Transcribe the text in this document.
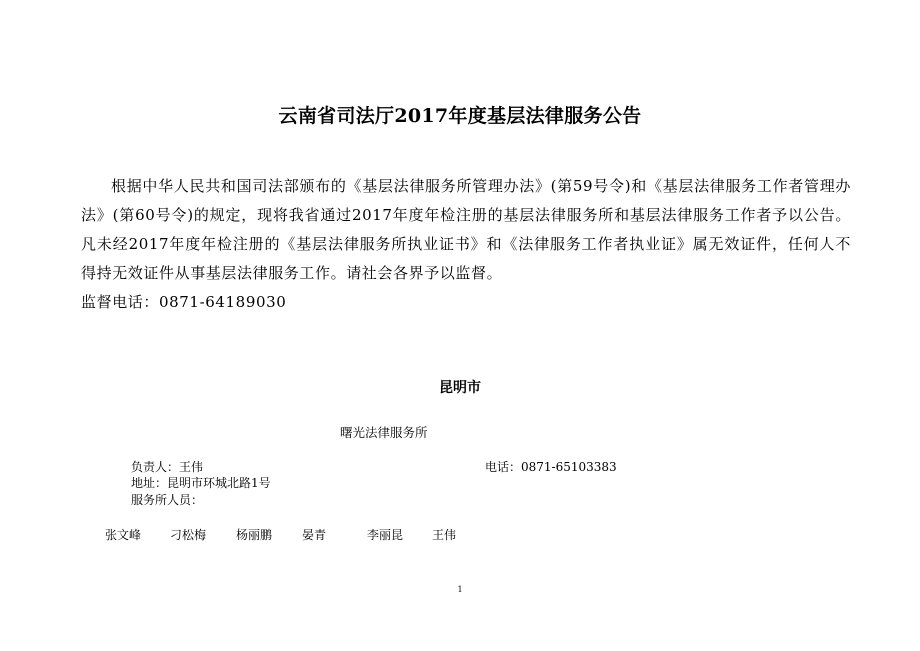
云南省司法厅2017年度基层法律服务公告

根据中华人民共和国司法部颁布的《基层法律服务所管理办法》(第59号令)和《基层法律服务工作者管理办法》(第60号令)的规定，现将我省通过2017年度年检注册的基层法律服务所和基层法律服务工作者予以公告。凡未经2017年度年检注册的《基层法律服务所执业证书》和《法律服务工作者执业证》属无效证件，任何人不得持无效证件从事基层法律服务工作。请社会各界予以监督。

监督电话：0871-64189030
昆明市
曙光法律服务所
负责人：王伟	电话：0871-65103383
地址：昆明市环城北路1号
服务所人员：
张文峰 刁松梅 杨丽鹏 晏青	李丽昆 王伟
1
